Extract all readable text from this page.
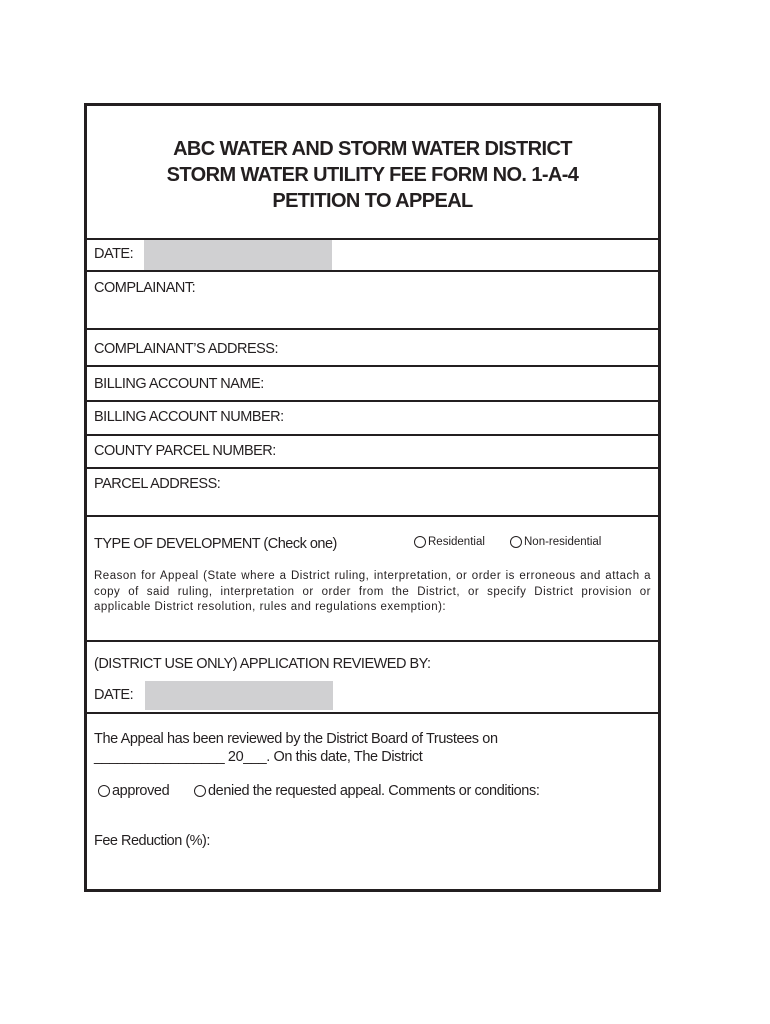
ABC WATER AND STORM WATER DISTRICT
STORM WATER UTILITY FEE FORM NO. 1-A-4
PETITION TO APPEAL
DATE:
COMPLAINANT:
COMPLAINANT’S ADDRESS:
BILLING ACCOUNT NAME:
BILLING ACCOUNT NUMBER:
COUNTY PARCEL NUMBER:
PARCEL ADDRESS:
TYPE OF DEVELOPMENT (Check one)	Residential	Non-residential
Reason for Appeal (State where a District ruling, interpretation, or order is erroneous and attach a copy of said ruling, interpretation or order from the District, or specify District provision or applicable District resolution, rules and regulations exemption):
(DISTRICT USE ONLY) APPLICATION REVIEWED BY:
DATE:
The Appeal has been reviewed by the District Board of Trustees on
_________________ 20___. On this date, The District
approved	denied the requested appeal. Comments or conditions:
Fee Reduction (%):
